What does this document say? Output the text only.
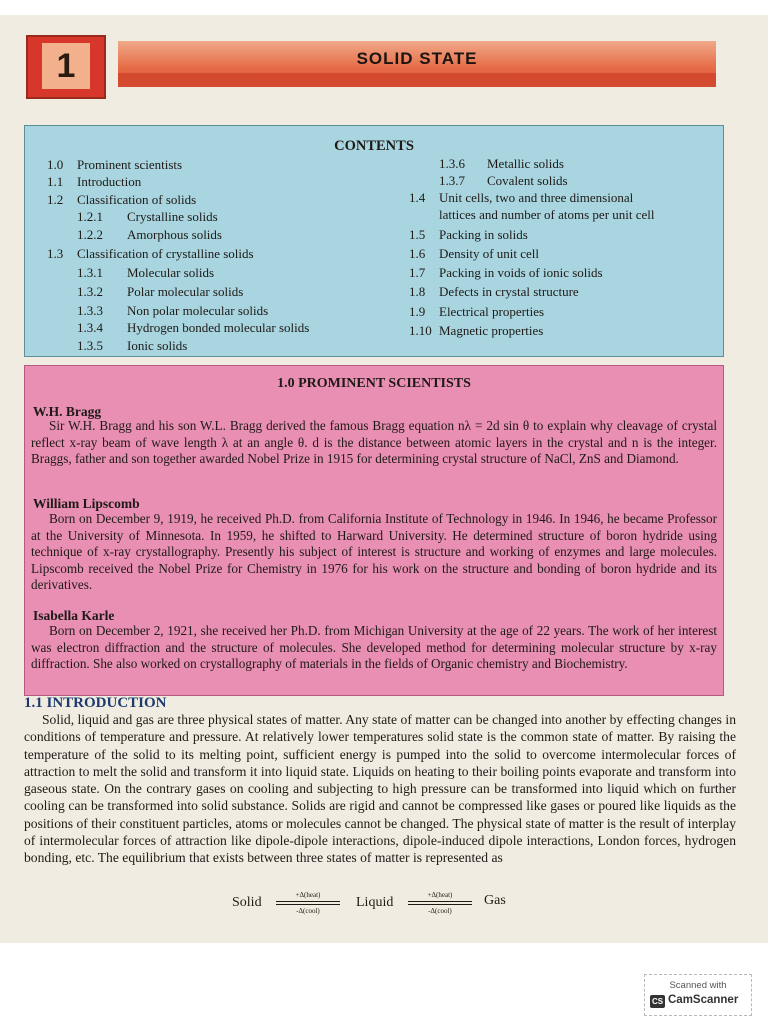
1	SOLID STATE
CONTENTS
1.0 Prominent scientists
1.1 Introduction
1.2 Classification of solids
1.2.1 Crystalline solids
1.2.2 Amorphous solids
1.3 Classification of crystalline solids
1.3.1 Molecular solids
1.3.2 Polar molecular solids
1.3.3 Non polar molecular solids
1.3.4 Hydrogen bonded molecular solids
1.3.5 Ionic solids
1.3.6 Metallic solids
1.3.7 Covalent solids
1.4 Unit cells, two and three dimensional
lattices and number of atoms per unit cell
1.5 Packing in solids
1.6 Density of unit cell
1.7 Packing in voids of ionic solids
1.8 Defects in crystal structure
1.9 Electrical properties
1.10 Magnetic properties
1.0 PROMINENT SCIENTISTS
W.H. Bragg
Sir W.H. Bragg and his son W.L. Bragg derived the famous Bragg equation nλ = 2d sin θ to explain why cleavage of crystal reflect x-ray beam of wave length λ at an angle θ. d is the distance between atomic layers in the crystal and n is the integer. Braggs, father and son together awarded Nobel Prize in 1915 for determining crystal structure of NaCl, ZnS and Diamond.
William Lipscomb
Born on December 9, 1919, he received Ph.D. from California Institute of Technology in 1946. In 1946, he became Professor at the University of Minnesota. In 1959, he shifted to Harward University. He determined structure of boron hydride using technique of x-ray crystallography. Presently his subject of interest is structure and working of enzymes and large molecules. Lipscomb received the Nobel Prize for Chemistry in 1976 for his work on the structure and bonding of boron hydride and its derivatives.
Isabella Karle
Born on December 2, 1921, she received her Ph.D. from Michigan University at the age of 22 years. The work of her interest was electron diffraction and the structure of molecules. She developed method for determining molecular structure by x-ray diffraction. She also worked on crystallography of materials in the fields of Organic chemistry and Biochemistry.
1.1 INTRODUCTION
Solid, liquid and gas are three physical states of matter. Any state of matter can be changed into another by effecting changes in conditions of temperature and pressure. At relatively lower temperatures solid state is the common state of matter. By raising the temperature of the solid to its melting point, sufficient energy is pumped into the solid to overcome intermolecular forces of attraction to melt the solid and transform it into liquid state. Liquids on heating to their boiling points evaporate and transform into gaseous state. On the contrary gases on cooling and subjecting to high pressure can be transformed into liquid which on further cooling can be transformed into solid substance. Solids are rigid and cannot be compressed like gases or poured like liquids as the positions of their constituent particles, atoms or molecules cannot be changed. The physical state of matter is the result of interplay of intermolecular forces of attraction like dipole-dipole interactions, dipole-induced dipole interactions, London forces, hydrogen bonding, etc. The equilibrium that exists between three states of matter is represented as
Solid	+Δ(heat)
-Δ(cool)
Liquid	+Δ(heat)
-Δ(cool)
Gas
Scanned with
CS CamScanner
